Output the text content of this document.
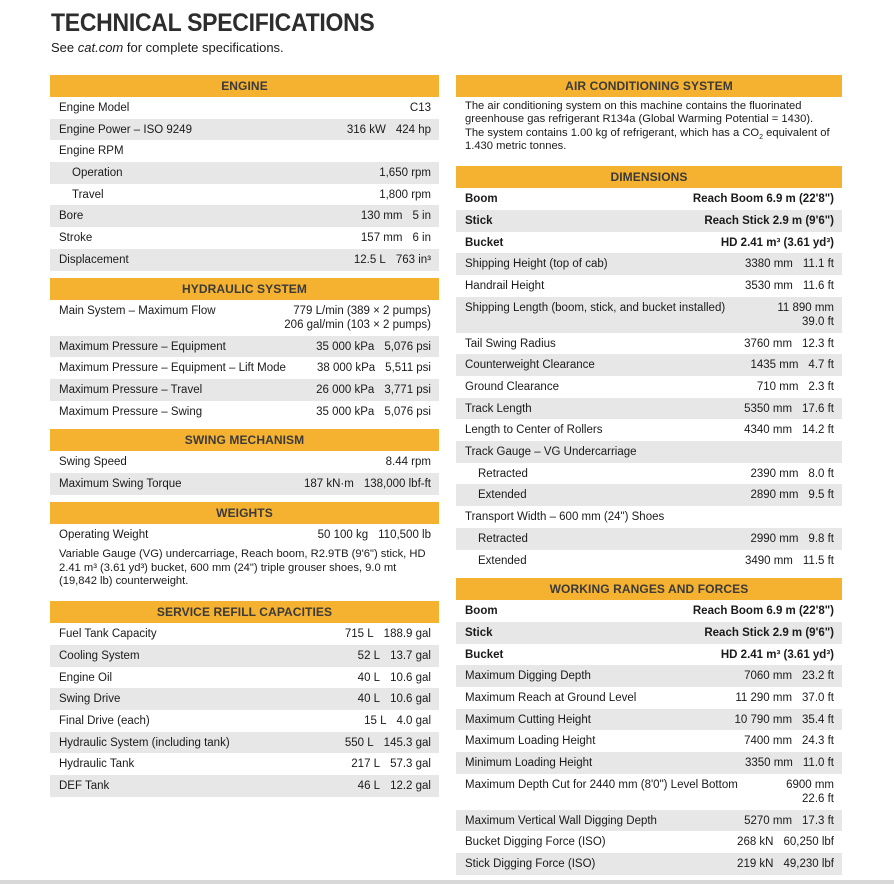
TECHNICAL SPECIFICATIONS
See cat.com for complete specifications.
ENGINE
Engine Model	C13
Engine Power – ISO 9249	316 kW 424 hp
Engine RPM
Operation	1,650 rpm
Travel	1,800 rpm
Bore	130 mm 5 in
Stroke	157 mm 6 in
Displacement	12.5 L 763 in³
HYDRAULIC SYSTEM
Main System – Maximum Flow	779 L/min (389 × 2 pumps)
206 gal/min (103 × 2 pumps)
Maximum Pressure – Equipment	35 000 kPa 5,076 psi
Maximum Pressure – Equipment – Lift Mode	38 000 kPa 5,511 psi
Maximum Pressure – Travel	26 000 kPa 3,771 psi
Maximum Pressure – Swing	35 000 kPa 5,076 psi
SWING MECHANISM
Swing Speed	8.44 rpm
Maximum Swing Torque	187 kN·m 138,000 lbf-ft
WEIGHTS
Operating Weight	50 100 kg 110,500 lb
Variable Gauge (VG) undercarriage, Reach boom, R2.9TB (9'6") stick, HD 2.41 m³ (3.61 yd³) bucket, 600 mm (24") triple grouser shoes, 9.0 mt (19,842 lb) counterweight.
SERVICE REFILL CAPACITIES
Fuel Tank Capacity	715 L 188.9 gal
Cooling System	52 L 13.7 gal
Engine Oil	40 L 10.6 gal
Swing Drive	40 L 10.6 gal
Final Drive (each)	15 L 4.0 gal
Hydraulic System (including tank)	550 L 145.3 gal
Hydraulic Tank	217 L 57.3 gal
DEF Tank	46 L 12.2 gal
AIR CONDITIONING SYSTEM
The air conditioning system on this machine contains the fluorinated greenhouse gas refrigerant R134a (Global Warming Potential = 1430). The system contains 1.00 kg of refrigerant, which has a $CO_2$ equivalent of 1.430 metric tonnes.
DIMENSIONS
Boom	Reach Boom 6.9 m (22'8")
Stick	Reach Stick 2.9 m (9'6")
Bucket	HD 2.41 m³ (3.61 yd³)
Shipping Height (top of cab)	3380 mm 11.1 ft
Handrail Height	3530 mm 11.6 ft
Shipping Length (boom, stick, and bucket installed)	11 890 mm
39.0 ft
Tail Swing Radius	3760 mm 12.3 ft
Counterweight Clearance	1435 mm 4.7 ft
Ground Clearance	710 mm 2.3 ft
Track Length	5350 mm 17.6 ft
Length to Center of Rollers	4340 mm 14.2 ft
Track Gauge – VG Undercarriage
Retracted	2390 mm 8.0 ft
Extended	2890 mm 9.5 ft
Transport Width – 600 mm (24") Shoes
Retracted	2990 mm 9.8 ft
Extended	3490 mm 11.5 ft
WORKING RANGES AND FORCES
Boom	Reach Boom 6.9 m (22'8")
Stick	Reach Stick 2.9 m (9'6")
Bucket	HD 2.41 m³ (3.61 yd³)
Maximum Digging Depth	7060 mm 23.2 ft
Maximum Reach at Ground Level	11 290 mm 37.0 ft
Maximum Cutting Height	10 790 mm 35.4 ft
Maximum Loading Height	7400 mm 24.3 ft
Minimum Loading Height	3350 mm 11.0 ft
Maximum Depth Cut for 2440 mm (8'0") Level Bottom	6900 mm
22.6 ft
Maximum Vertical Wall Digging Depth	5270 mm 17.3 ft
Bucket Digging Force (ISO)	268 kN 60,250 lbf
Stick Digging Force (ISO)	219 kN 49,230 lbf
